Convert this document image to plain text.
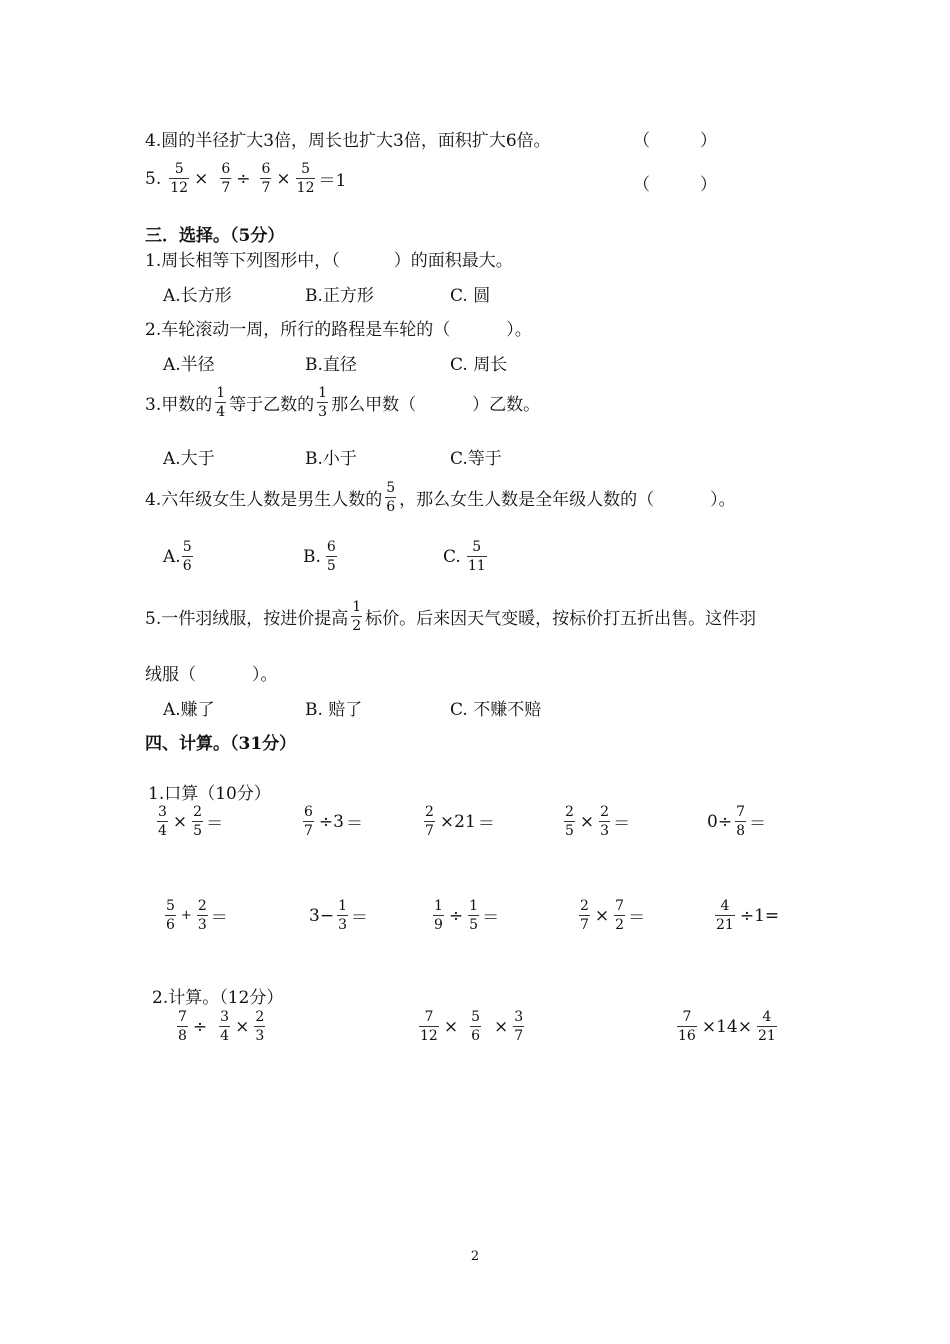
4.圆的半径扩大3倍，周长也扩大3倍，面积扩大6倍。	（	）
5. $\frac{5}{12} \times \frac{6}{7} \div \frac{6}{7} \times \frac{5}{12} =1$	（	）
三．选择。（5分）
1.周长相等下列图形中，（	）的面积最大。
A.长方形	B.正方形	C. 圆
2.车轮滚动一周，所行的路程是车轮的（	）。
A.半径	B.直径	C. 周长
3.甲数的 $\frac{1}{4}$ 等于乙数的 $\frac{1}{3}$ 那么甲数（	）乙数。
A.大于	B.小于	C.等于
4.六年级女生人数是男生人数的 $\frac{5}{6}$ ，那么女生人数是全年级人数的（	）。
A. $\frac{5}{6}$	B. $\frac{6}{5}$	C. $\frac{5}{11}$
5.一件羽绒服，按进价提高 $\frac{1}{2}$ 标价。后来因天气变暖，按标价打五折出售。这件羽
绒服（	）。
A.赚了	B. 赔了	C. 不赚不赔
四、计算。（31分）
1.口算（10分）
$\frac{3}{4} \times \frac{2}{5}$ ＝	$\frac{6}{7} \div 3$ ＝	$\frac{2}{7} \times 21$ ＝	$\frac{2}{5} \times \frac{2}{3}$ ＝	$0\div \frac{7}{8}$ ＝
$\frac{5}{6} + \frac{2}{3}$ ＝	$3- \frac{1}{3}$ ＝	$\frac{1}{9} \div \frac{1}{5}$ ＝	$\frac{2}{7} \times \frac{7}{2}$ ＝	$\frac{4}{21} \div 1=$
2.计算。（12分）
$\frac{7}{8} \div \frac{3}{4} \times \frac{2}{3}$	$\frac{7}{12} \times \frac{5}{6} \times \frac{3}{7}$	$\frac{7}{16} \times 14\times \frac{4}{21}$
2
